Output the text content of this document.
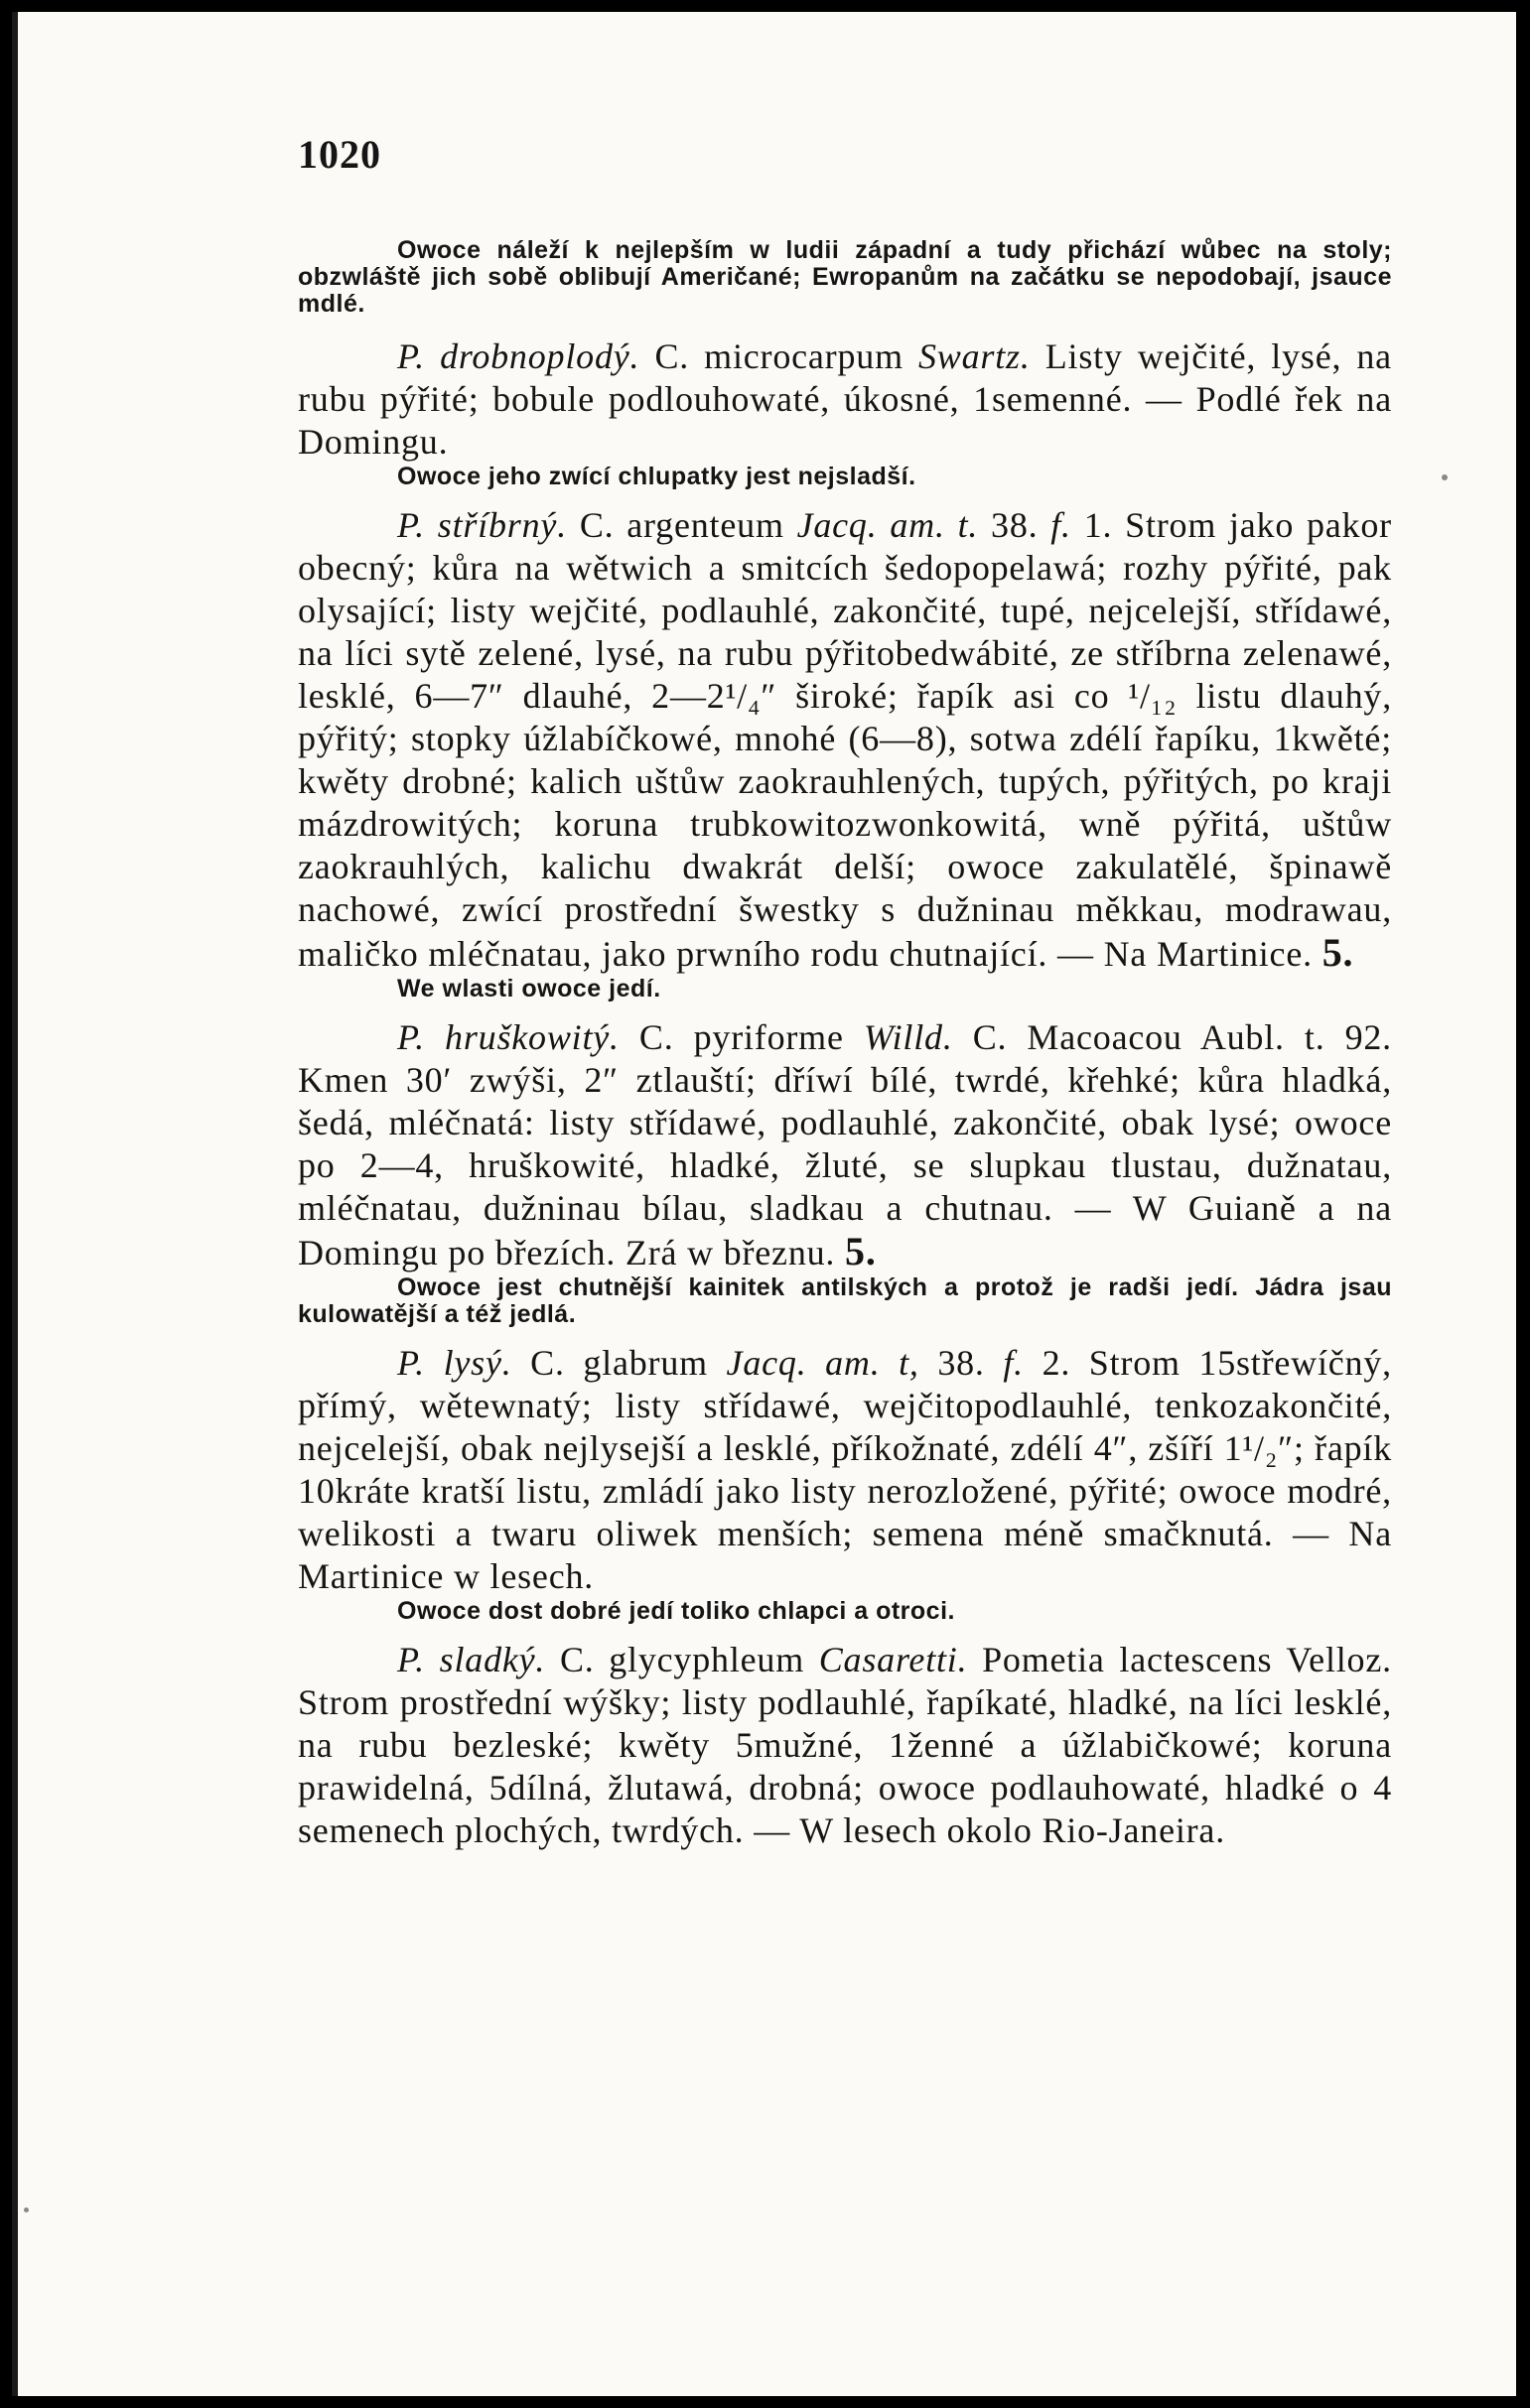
1020

Owoce náleží k nejlepším w ludii západní a tudy přichází wůbec na stoly; obzwláště jich sobě oblibují Američané; Ewropanům na začátku se nepodobají, jsauce mdlé.

P. drobnoplodý. C. microcarpum Swartz. Listy wejčité, lysé, na rubu pýřité; bobule podlouhowaté, úkosné, 1semenné. — Podlé řek na Domingu.

Owoce jeho zwící chlupatky jest nejsladší.

P. stříbrný. C. argenteum Jacq. am. t. 38. f. 1. Strom jako pakor obecný; kůra na wětwich a smitcích šedopopelawá; rozhy pýřité, pak olysající; listy wejčité, podlauhlé, zakončité, tupé, nejcelejší, střídawé, na líci sytě zelené, lysé, na rubu pýřitobedwábité, ze stříbrna zelenawé, lesklé, 6—7″ dlauhé, 2—2¹/₄″ široké; řapík asi co ¹/₁₂ listu dlauhý, pýřitý; stopky úžlabíčkowé, mnohé (6—8), sotwa zdélí řapíku, 1kwěté; kwěty drobné; kalich uštůw zaokrauhlených, tupých, pýřitých, po kraji mázdrowitých; koruna trubkowitozwonkowitá, wně pýřitá, uštůw zaokrauhlých, kalichu dwakrát delší; owoce zakulatělé, špinawě nachowé, zwící prostřední šwestky s dužninau měkkau, modrawau, maličko mléčnatau, jako prwního rodu chutnající. — Na Martinice. 5.

We wlasti owoce jedí.

P. hruškowitý. C. pyriforme Willd. C. Macoacou Aubl. t. 92. Kmen 30′ zwýši, 2″ ztlauští; dříwí bílé, twrdé, křehké; kůra hladká, šedá, mléčnatá: listy střídawé, podlauhlé, zakončité, obak lysé; owoce po 2—4, hruškowité, hladké, žluté, se slupkau tlustau, dužnatau, mléčnatau, dužninau bílau, sladkau a chutnau. — W Guianě a na Domingu po březích. Zrá w březnu. 5.

Owoce jest chutnější kainitek antilských a protož je radši jedí. Jádra jsau kulowatější a též jedlá.

P. lysý. C. glabrum Jacq. am. t, 38. f. 2. Strom 15střewíčný, přímý, wětewnatý; listy střídawé, wejčitopodlauhlé, tenkozakončité, nejcelejší, obak nejlysejší a lesklé, příkožnaté, zdélí 4″, zšíří 1¹/₂″; řapík 10kráte kratší listu, zmládí jako listy nerozložené, pýřité; owoce modré, welikosti a twaru oliwek menších; semena méně smačknutá. — Na Martinice w lesech.

Owoce dost dobré jedí toliko chlapci a otroci.

P. sladký. C. glycyphleum Casaretti. Pometia lactescens Velloz. Strom prostřední wýšky; listy podlauhlé, řapíkaté, hladké, na líci lesklé, na rubu bezleské; kwěty 5mužné, 1ženné a úžlabičkowé; koruna prawidelná, 5dílná, žlutawá, drobná; owoce podlauhowaté, hladké o 4 semenech plochých, twrdých. — W lesech okolo Rio-Janeira.
